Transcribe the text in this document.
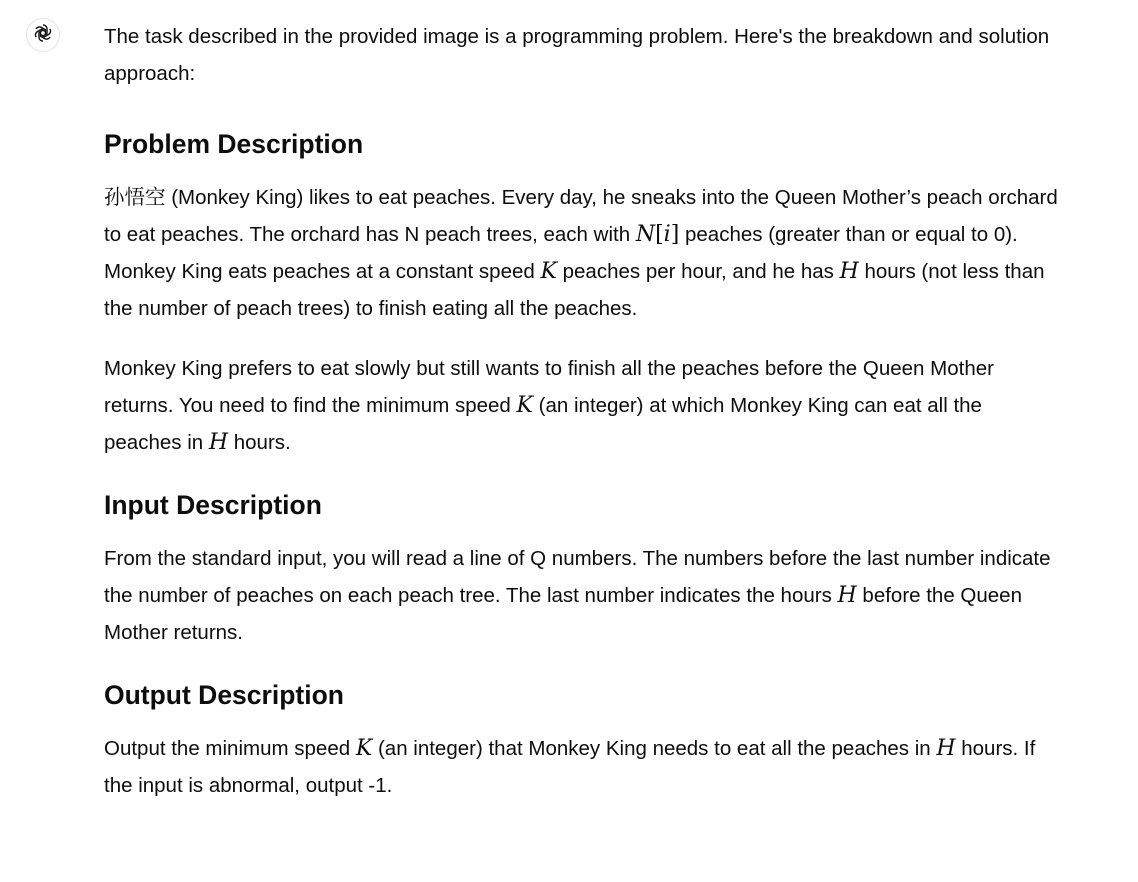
The task described in the provided image is a programming problem. Here's the breakdown and solution approach:

Problem Description

孙悟空 (Monkey King) likes to eat peaches. Every day, he sneaks into the Queen Mother’s peach orchard to eat peaches. The orchard has N peach trees, each with N[i] peaches (greater than or equal to 0). Monkey King eats peaches at a constant speed K peaches per hour, and he has H hours (not less than the number of peach trees) to finish eating all the peaches.

Monkey King prefers to eat slowly but still wants to finish all the peaches before the Queen Mother returns. You need to find the minimum speed K (an integer) at which Monkey King can eat all the peaches in H hours.

Input Description

From the standard input, you will read a line of Q numbers. The numbers before the last number indicate the number of peaches on each peach tree. The last number indicates the hours H before the Queen Mother returns.

Output Description

Output the minimum speed K (an integer) that Monkey King needs to eat all the peaches in H hours. If the input is abnormal, output -1.
